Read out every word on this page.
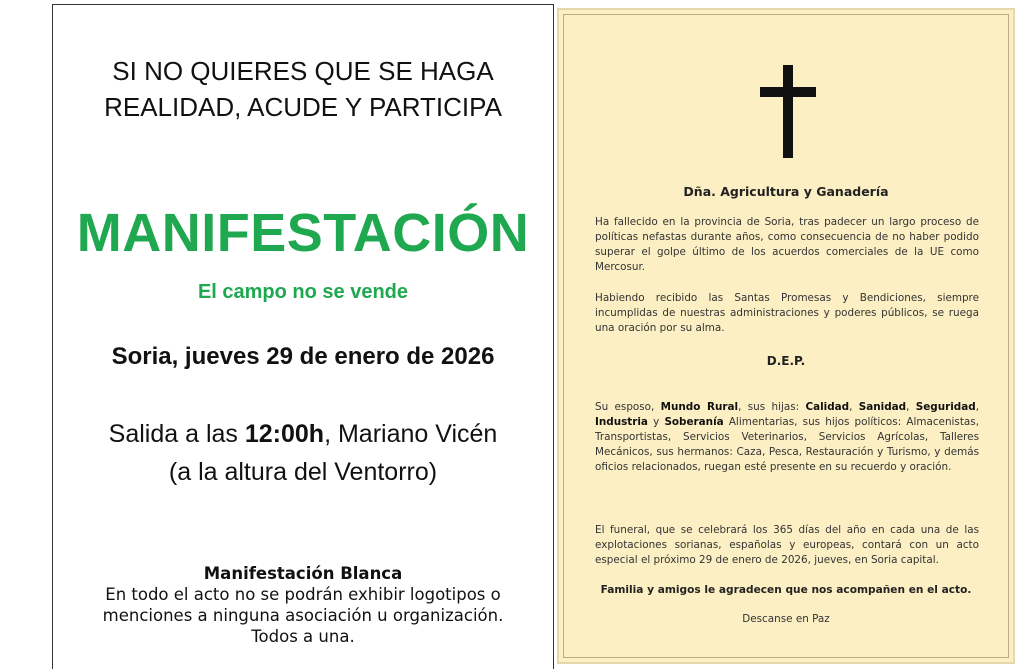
SI NO QUIERES QUE SE HAGA
REALIDAD, ACUDE Y PARTICIPA
MANIFESTACIÓN
El campo no se vende
Soria, jueves 29 de enero de 2026
Salida a las 12:00h, Mariano Vicén
(a la altura del Ventorro)
Manifestación Blanca
En todo el acto no se podrán exhibir logotipos o
menciones a ninguna asociación u organización.
Todos a una.
Dña. Agricultura y Ganadería
Ha fallecido en la provincia de Soria, tras padecer un largo proceso de políticas nefastas durante años, como consecuencia de no haber podido superar el golpe último de los acuerdos comerciales de la UE como Mercosur.
Habiendo recibido las Santas Promesas y Bendiciones, siempre incumplidas de nuestras administraciones y poderes públicos, se ruega una oración por su alma.
D.E.P.
Su esposo, Mundo Rural, sus hijas: Calidad, Sanidad, Seguridad, Industria y Soberanía Alimentarias, sus hijos políticos: Almacenistas, Transportistas, Servicios Veterinarios, Servicios Agrícolas, Talleres Mecánicos, sus hermanos: Caza, Pesca, Restauración y Turismo, y demás oficios relacionados, ruegan esté presente en su recuerdo y oración.
El funeral, que se celebrará los 365 días del año en cada una de las explotaciones sorianas, españolas y europeas, contará con un acto especial el próximo 29 de enero de 2026, jueves, en Soria capital.
Familia y amigos le agradecen que nos acompañen en el acto.
Descanse en Paz
